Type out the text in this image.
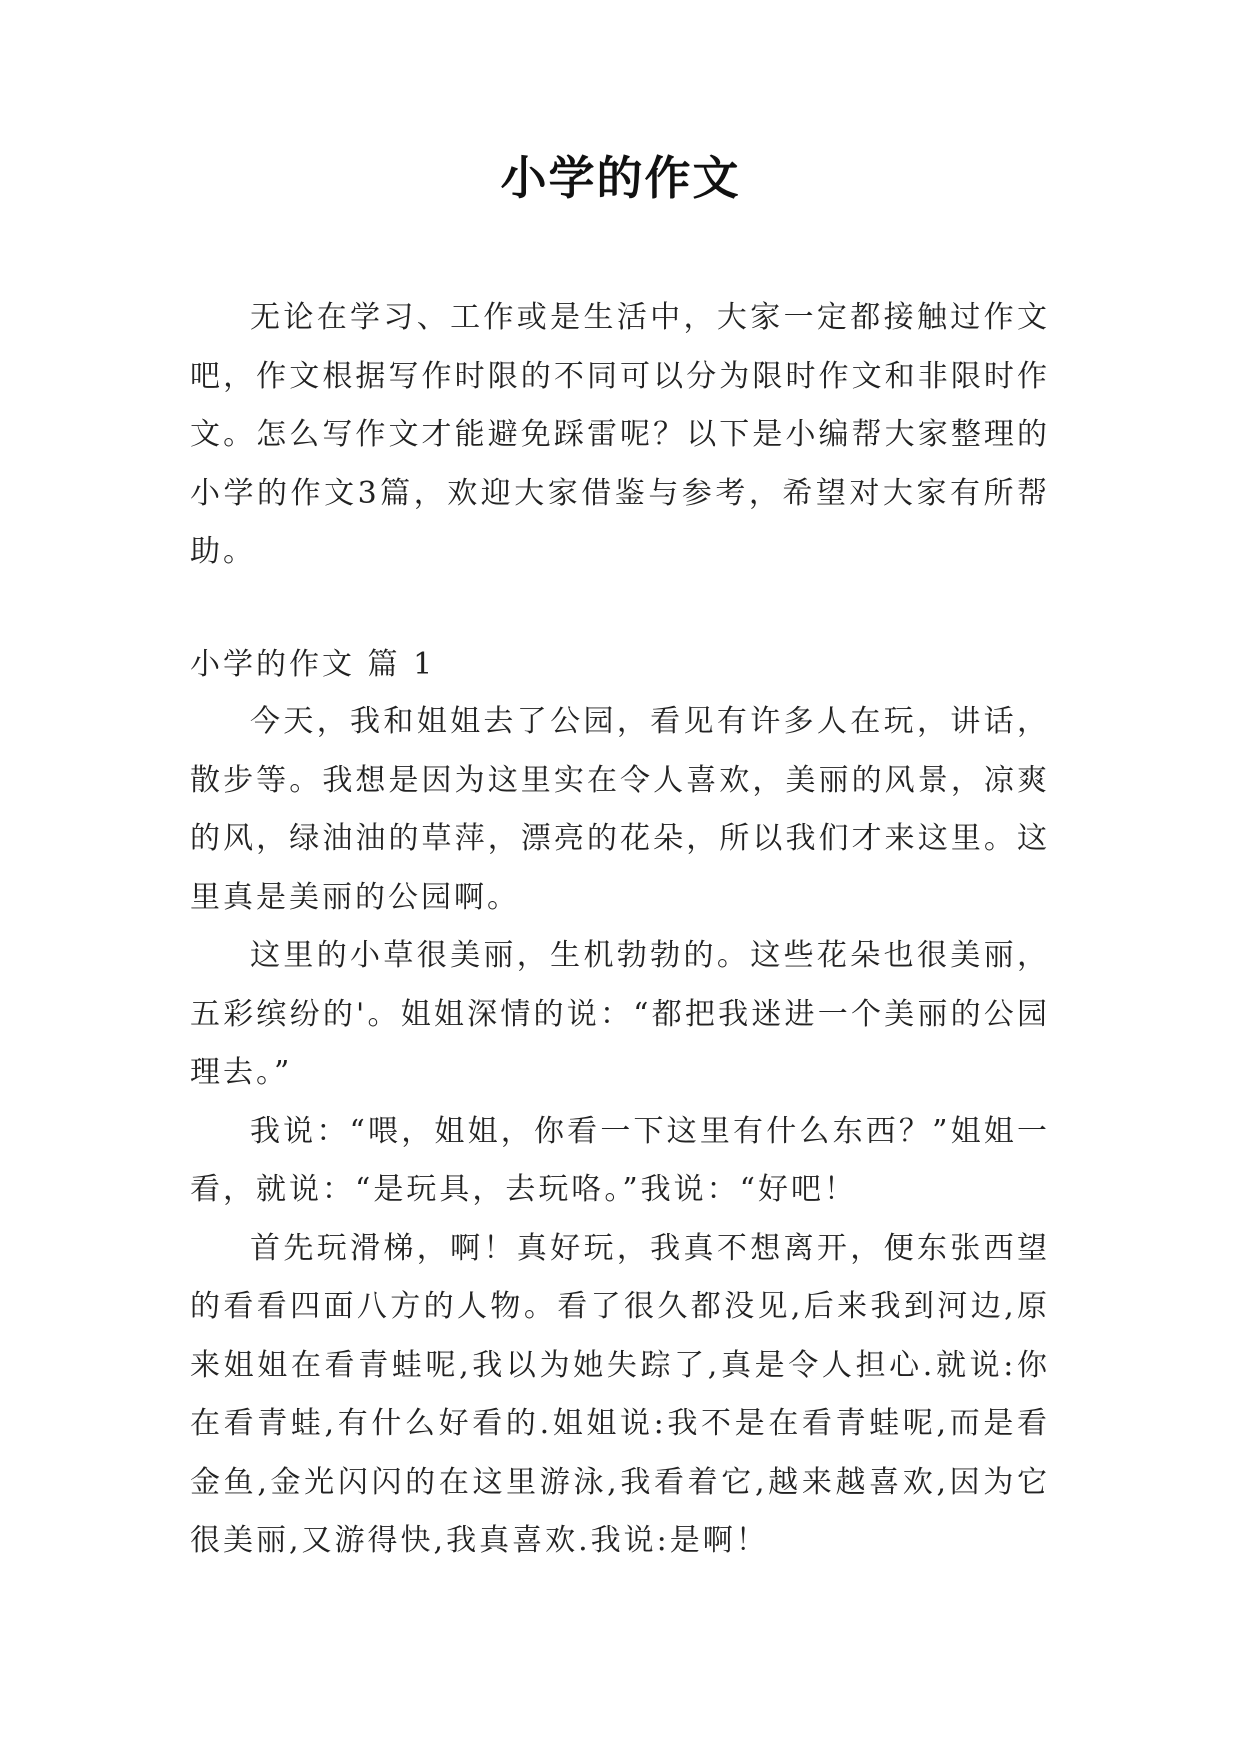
小学的作文

无论在学习、工作或是生活中，大家一定都接触过作文吧，作文根据写作时限的不同可以分为限时作文和非限时作文。怎么写作文才能避免踩雷呢？以下是小编帮大家整理的小学的作文3篇，欢迎大家借鉴与参考，希望对大家有所帮助。

小学的作文 篇 1

今天，我和姐姐去了公园，看见有许多人在玩，讲话，散步等。我想是因为这里实在令人喜欢，美丽的风景，凉爽的风，绿油油的草萍，漂亮的花朵，所以我们才来这里。这里真是美丽的公园啊。

这里的小草很美丽，生机勃勃的。这些花朵也很美丽，五彩缤纷的'。姐姐深情的说：“都把我迷进一个美丽的公园理去。”

我说：“喂，姐姐，你看一下这里有什么东西？”姐姐一看，就说：“是玩具，去玩咯。”我说：“好吧！

首先玩滑梯，啊！真好玩，我真不想离开，便东张西望的看看四面八方的人物。看了很久都没见,后来我到河边,原来姐姐在看青蛙呢,我以为她失踪了,真是令人担心.就说:你在看青蛙,有什么好看的.姐姐说:我不是在看青蛙呢,而是看金鱼,金光闪闪的在这里游泳,我看着它,越来越喜欢,因为它很美丽,又游得快,我真喜欢.我说:是啊！
